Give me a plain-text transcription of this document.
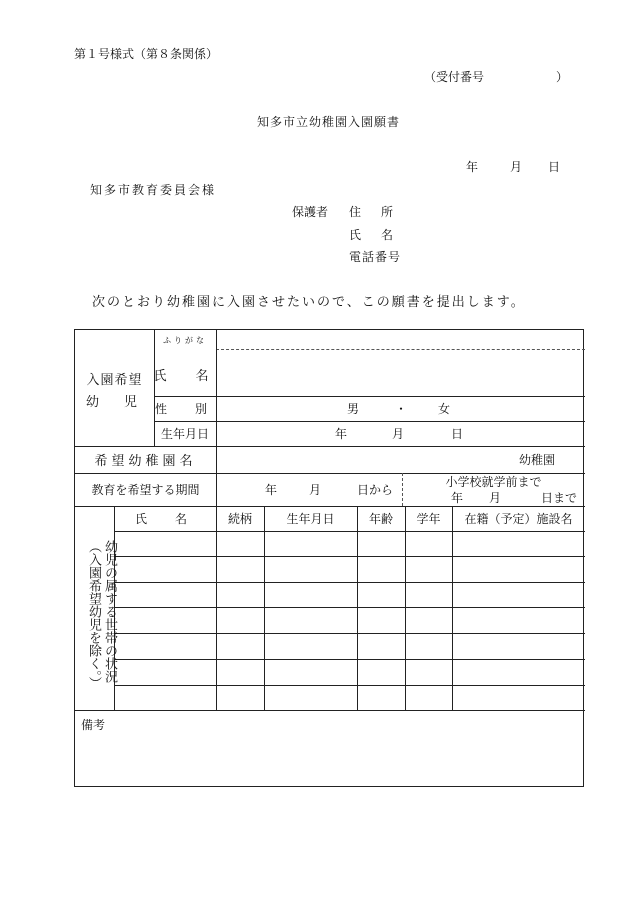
第１号様式（第８条関係）
（受付番号　　　　　　）
知多市立幼稚園入園願書
年	月 日
知多市教育委員会様
保護者 住　所
氏　名
電話番号
次のとおり幼稚園に入園させたいので、この願書を提出します。
入園希望
幼　児
ふりがな
氏　名
性　別	男	・	女
生年月日	年	月	日
希望幼稚園名	幼稚園
教育を希望する期間	年	月	日から
小学校就学前まで
年	月	日まで
幼児の属する世帯の状況（入園希望幼児を除く。）
氏　名	続柄	生年月日	年齢	学年	在籍（予定）施設名
備考
